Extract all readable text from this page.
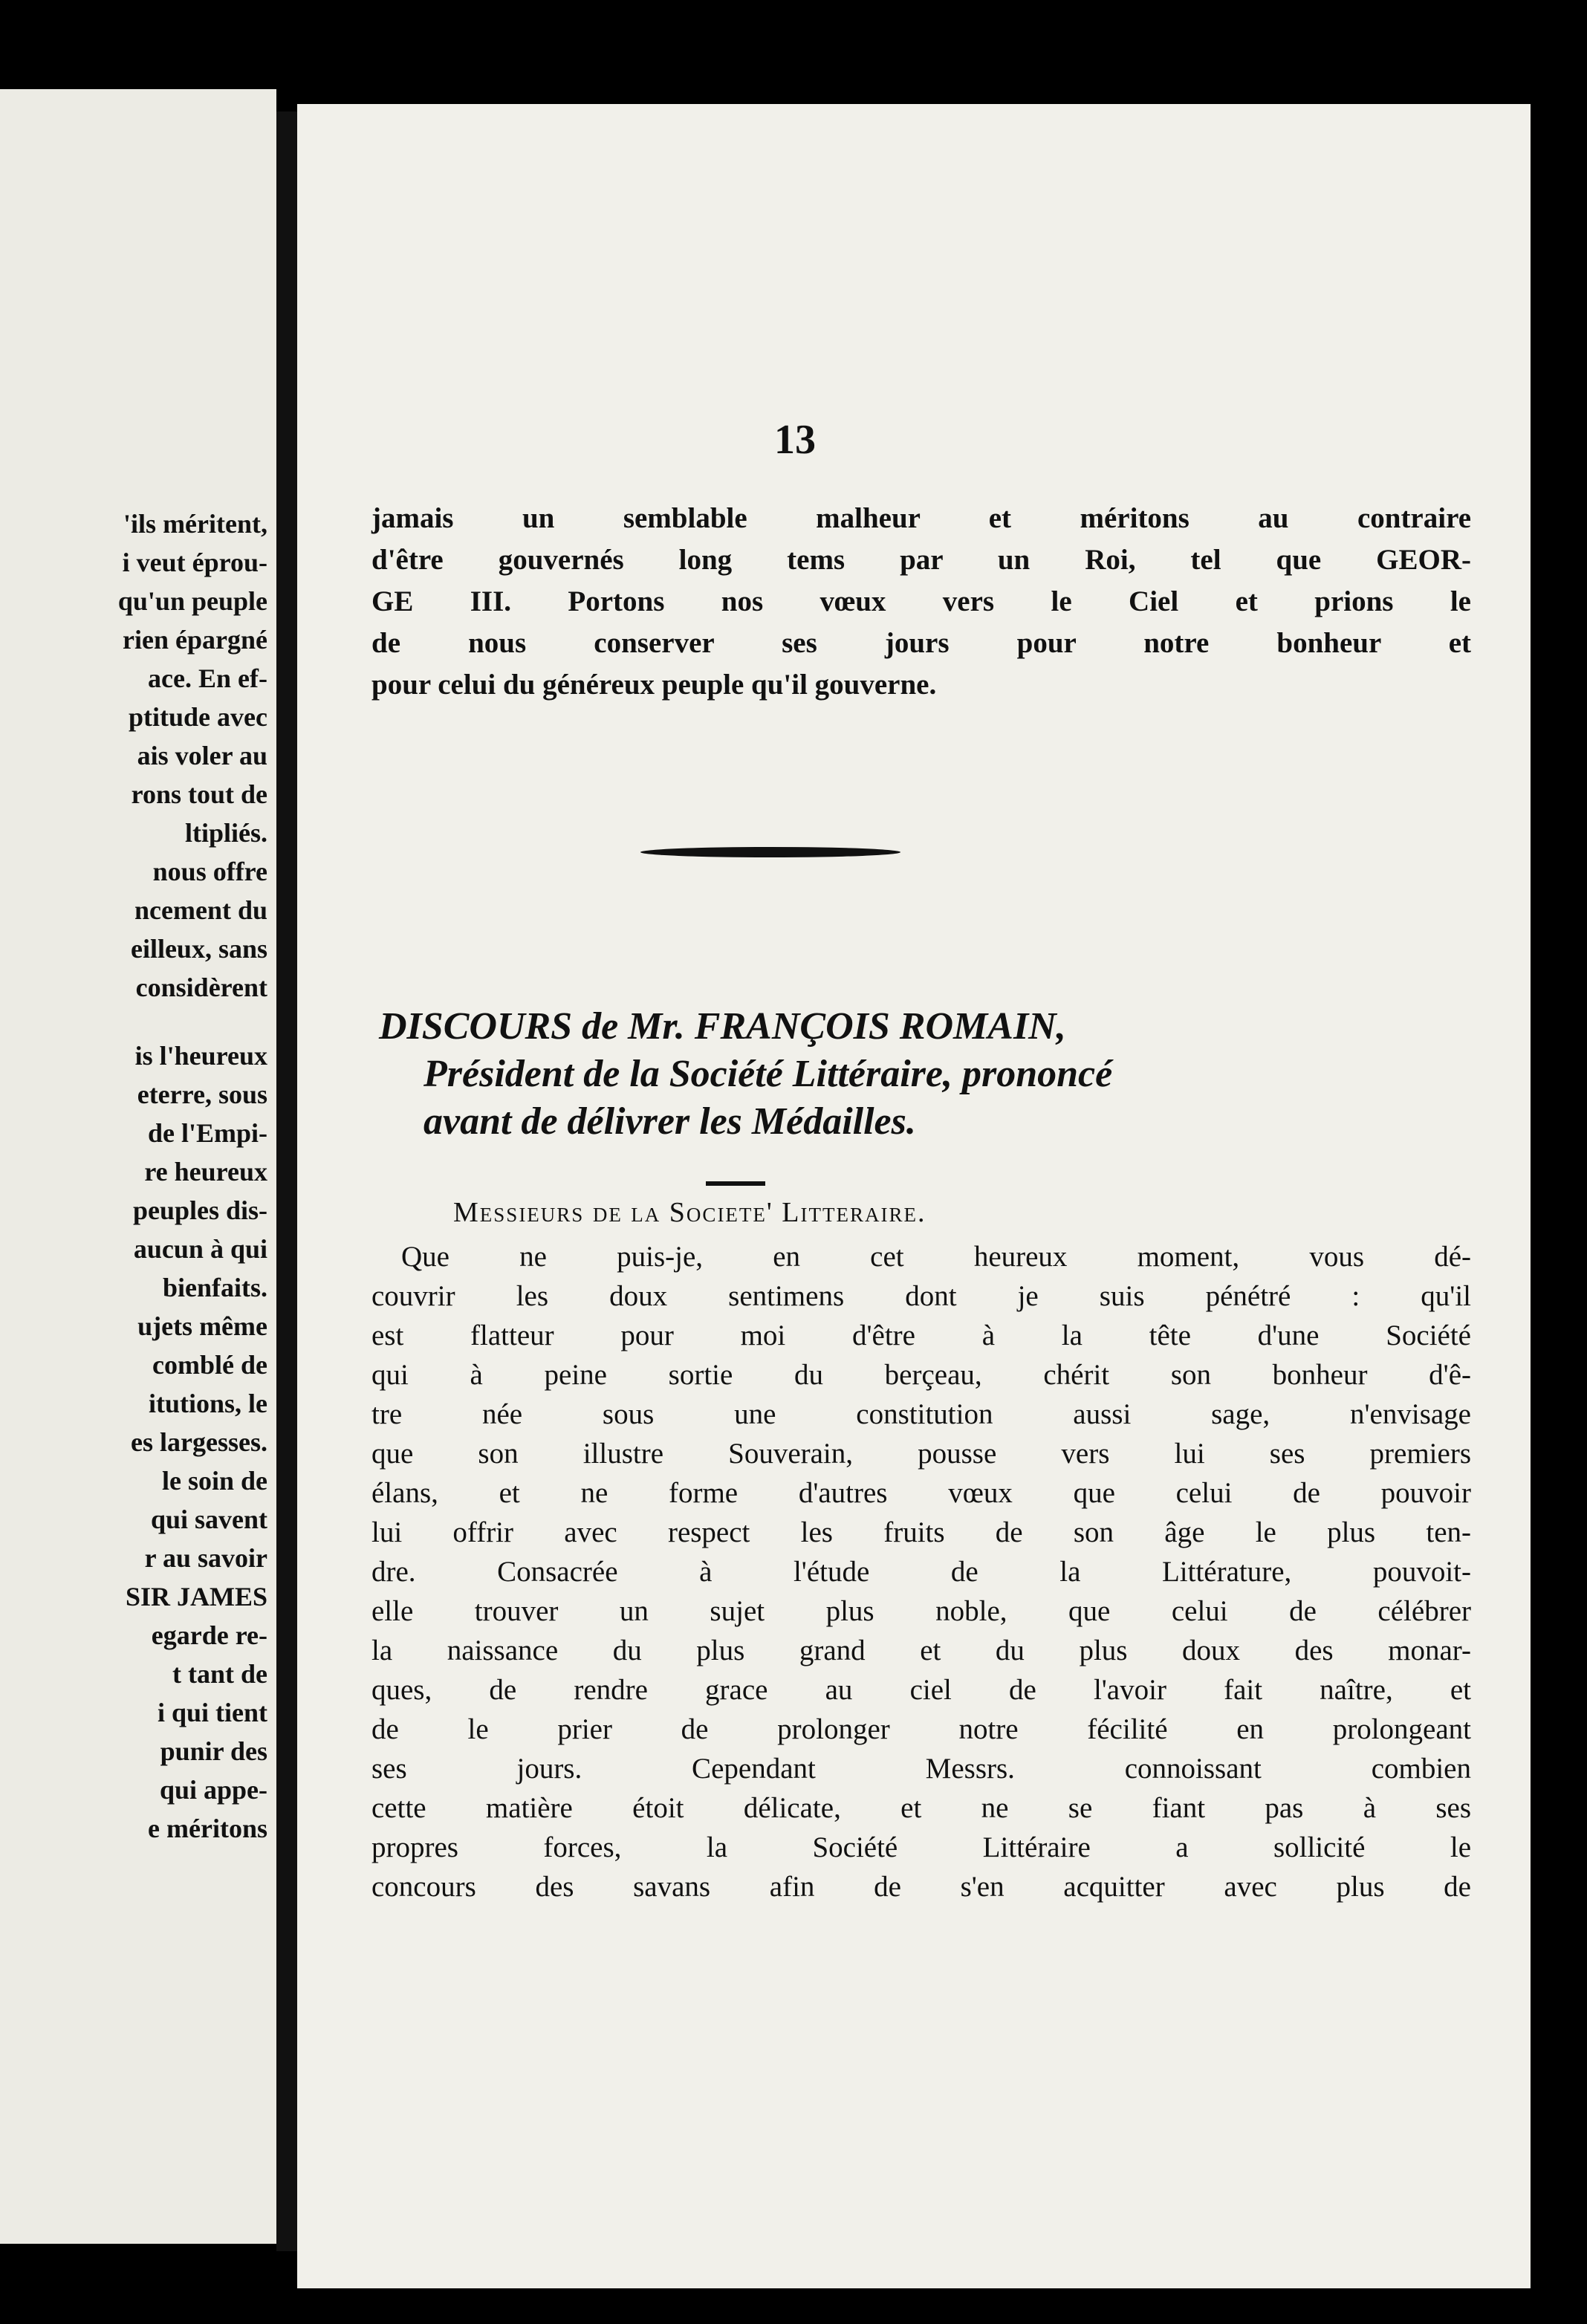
'ils méritent,
i veut éprou-
qu'un peuple
rien épargné
ace. En ef-
ptitude avec
ais voler au
rons tout de
ltipliés.
nous offre
ncement du
eilleux, sans
considèrent
is l'heureux
eterre, sous
de l'Empi-
re heureux
peuples dis-
aucun à qui
bienfaits.
ujets même
comblé de
itutions, le
es largesses.
le soin de
qui savent
r au savoir
SIR JAMES
egarde re-
t tant de
i qui tient
punir des
qui appe-
e méritons
13
jamais un semblable malheur et méritons au contraire
d'être gouvernés long tems par un Roi, tel que GEOR-
GE III. Portons nos vœux vers le Ciel et prions le
de nous conserver ses jours pour notre bonheur et
pour celui du généreux peuple qu'il gouverne.
DISCOURS de Mr. FRANÇOIS ROMAIN,
Président de la Société Littéraire, prononcé
avant de délivrer les Médailles.
Messieurs de la Societe' Litteraire.
Que ne puis-je, en cet heureux moment, vous dé-
couvrir les doux sentimens dont je suis pénétré : qu'il
est flatteur pour moi d'être à la tête d'une Société
qui à peine sortie du berçeau, chérit son bonheur d'ê-
tre née sous une constitution aussi sage, n'envisage
que son illustre Souverain, pousse vers lui ses premiers
élans, et ne forme d'autres vœux que celui de pouvoir
lui offrir avec respect les fruits de son âge le plus ten-
dre. Consacrée à l'étude de la Littérature, pouvoit-
elle trouver un sujet plus noble, que celui de célébrer
la naissance du plus grand et du plus doux des monar-
ques, de rendre grace au ciel de l'avoir fait naître, et
de le prier de prolonger notre fécilité en prolongeant
ses jours. Cependant Messrs. connoissant combien
cette matière étoit délicate, et ne se fiant pas à ses
propres forces, la Société Littéraire a sollicité le
concours des savans afin de s'en acquitter avec plus de
